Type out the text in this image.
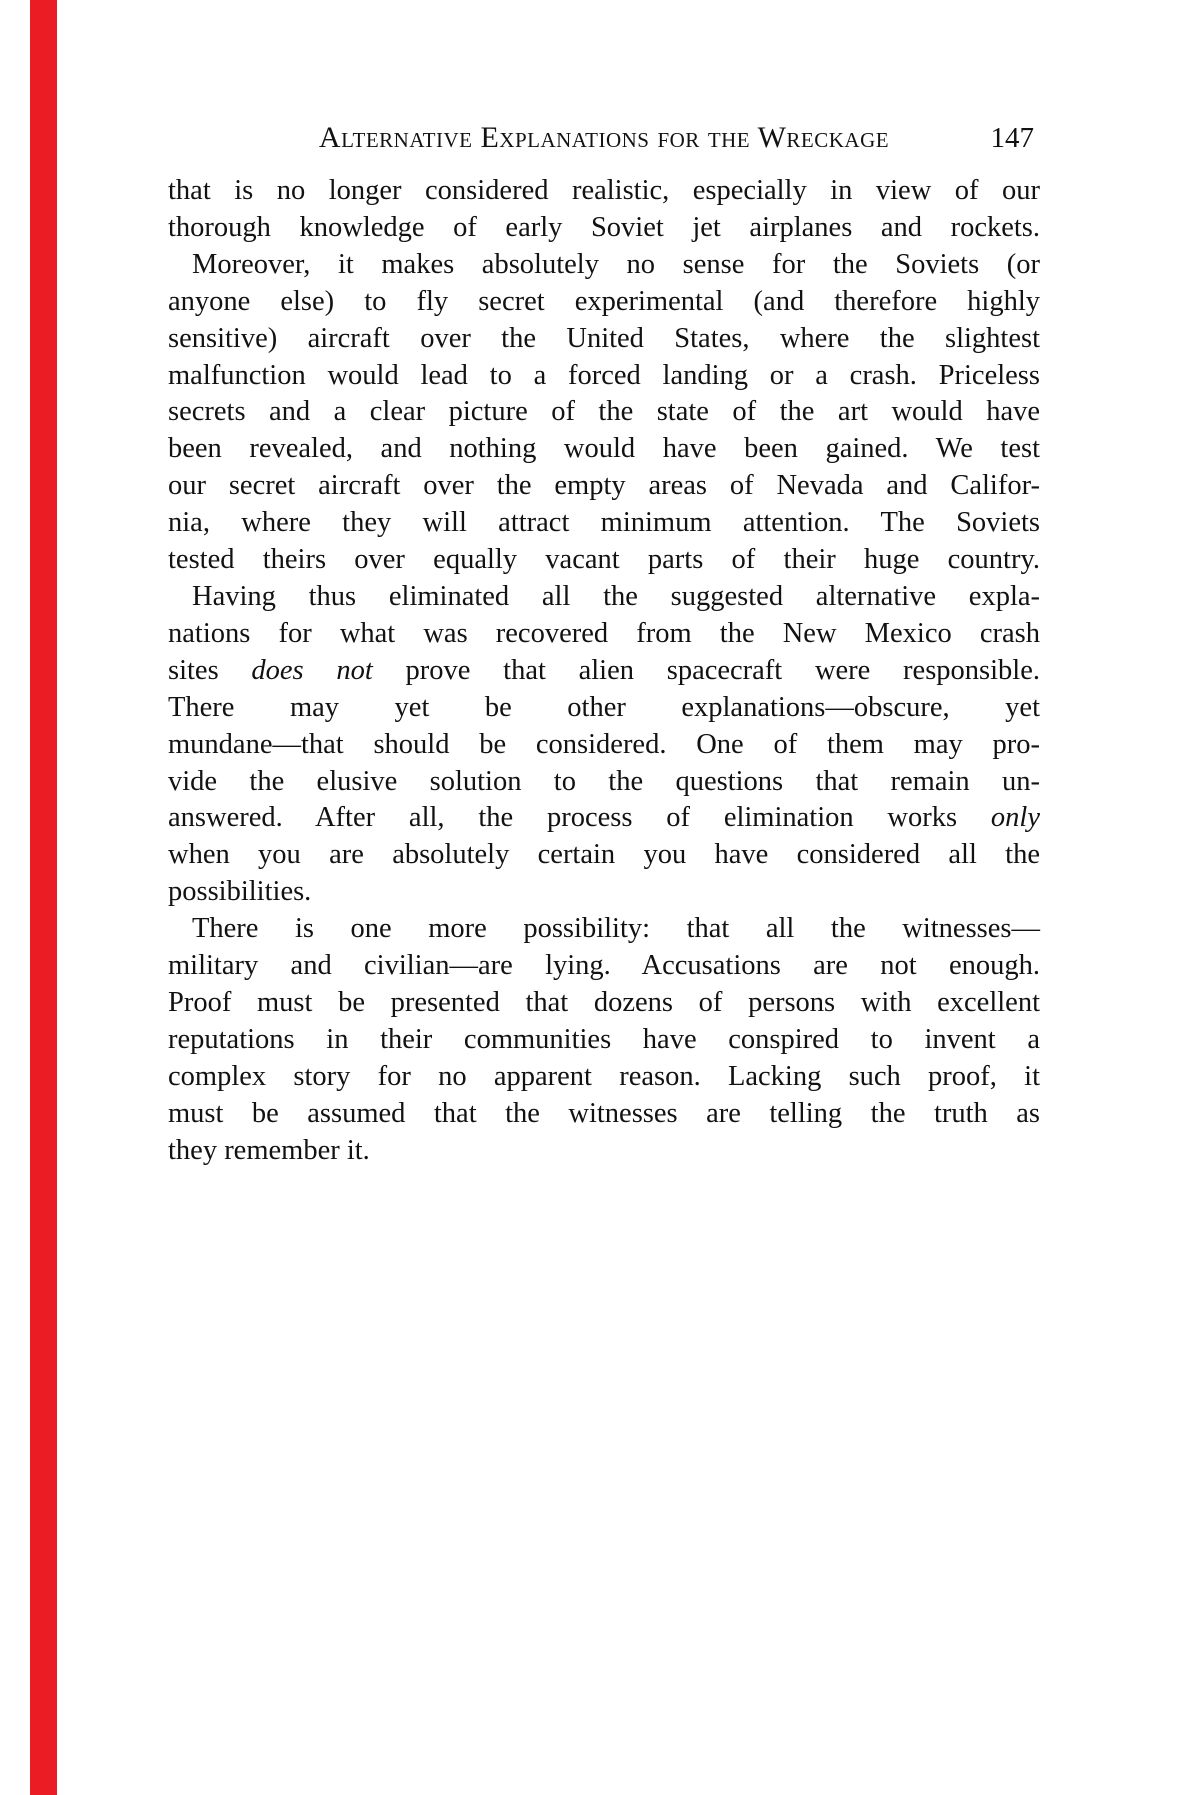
Alternative Explanations for the Wreckage	147
that is no longer considered realistic, especially in view of our
thorough knowledge of early Soviet jet airplanes and rockets.
Moreover, it makes absolutely no sense for the Soviets (or
anyone else) to fly secret experimental (and therefore highly
sensitive) aircraft over the United States, where the slightest
malfunction would lead to a forced landing or a crash. Priceless
secrets and a clear picture of the state of the art would have
been revealed, and nothing would have been gained. We test
our secret aircraft over the empty areas of Nevada and Califor-
nia, where they will attract minimum attention. The Soviets
tested theirs over equally vacant parts of their huge country.
Having thus eliminated all the suggested alternative expla-
nations for what was recovered from the New Mexico crash
sites does not prove that alien spacecraft were responsible.
There may yet be other explanations—obscure, yet
mundane—that should be considered. One of them may pro-
vide the elusive solution to the questions that remain un-
answered. After all, the process of elimination works only
when you are absolutely certain you have considered all the
possibilities.
There is one more possibility: that all the witnesses—
military and civilian—are lying. Accusations are not enough.
Proof must be presented that dozens of persons with excellent
reputations in their communities have conspired to invent a
complex story for no apparent reason. Lacking such proof, it
must be assumed that the witnesses are telling the truth as
they remember it.
